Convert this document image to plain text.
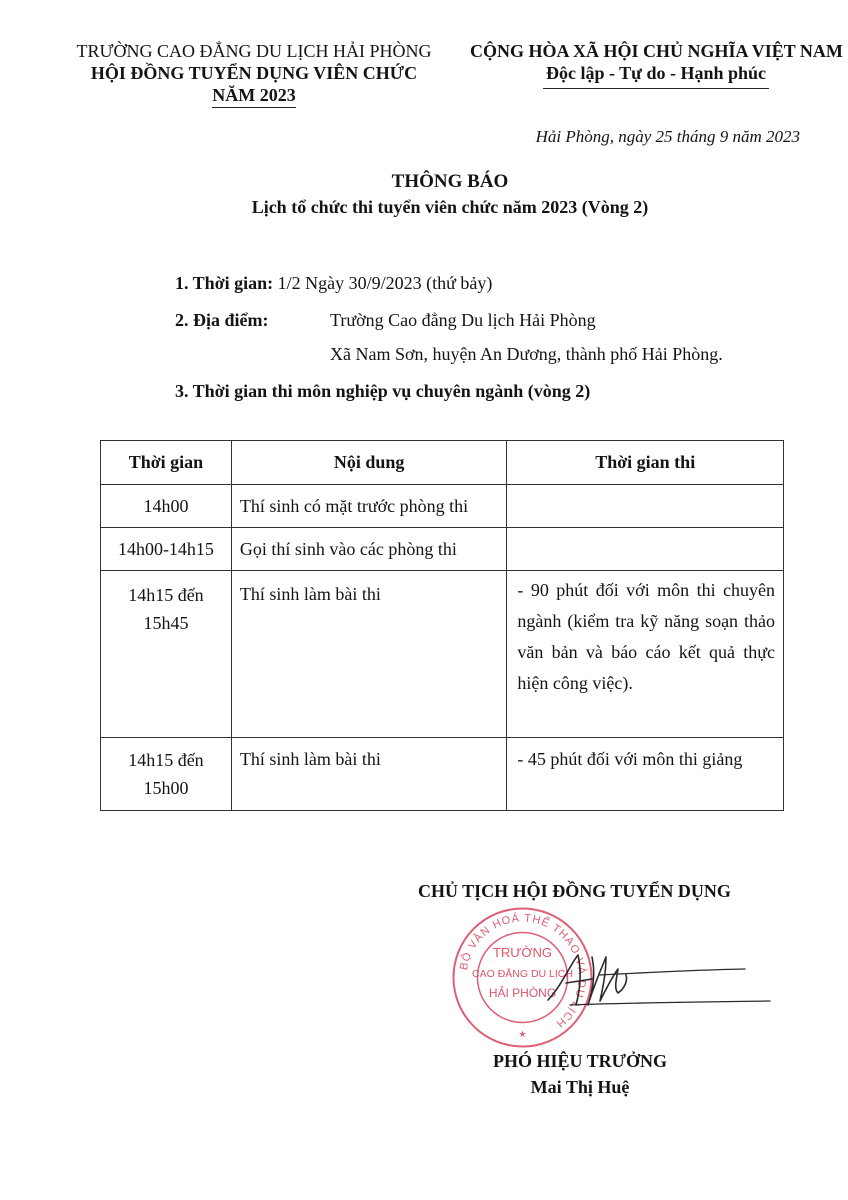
TRƯỜNG CAO ĐẲNG DU LỊCH HẢI PHÒNG
HỘI ĐỒNG TUYỂN DỤNG VIÊN CHỨC
NĂM 2023
CỘNG HÒA XÃ HỘI CHỦ NGHĨA VIỆT NAM
Độc lập - Tự do - Hạnh phúc
Hải Phòng, ngày 25 tháng 9 năm 2023
THÔNG BÁO
Lịch tổ chức thi tuyển viên chức năm 2023 (Vòng 2)
1. Thời gian: 1/2 Ngày 30/9/2023 (thứ bảy)
2. Địa điểm:	Trường Cao đẳng Du lịch Hải Phòng
Xã Nam Sơn, huyện An Dương, thành phố Hải Phòng.
3. Thời gian thi môn nghiệp vụ chuyên ngành (vòng 2)
Thời gian	Nội dung	Thời gian thi
14h00	Thí sinh có mặt trước phòng thi	
14h00-14h15	Gọi thí sinh vào các phòng thi	
14h15 đến 15h45	Thí sinh làm bài thi	- 90 phút đối với môn thi chuyên ngành (kiểm tra kỹ năng soạn thảo văn bản và báo cáo kết quả thực hiện công việc).
14h15 đến 15h00	Thí sinh làm bài thi	- 45 phút đối với môn thi giảng
CHỦ TỊCH HỘI ĐỒNG TUYỂN DỤNG
BỘ VĂN HOÁ THỂ THAO VÀ DU LỊCH
TRƯỜNG
CAO ĐẲNG DU LỊCH
HẢI PHÒNG
★
PHÓ HIỆU TRƯỞNG
Mai Thị Huệ
